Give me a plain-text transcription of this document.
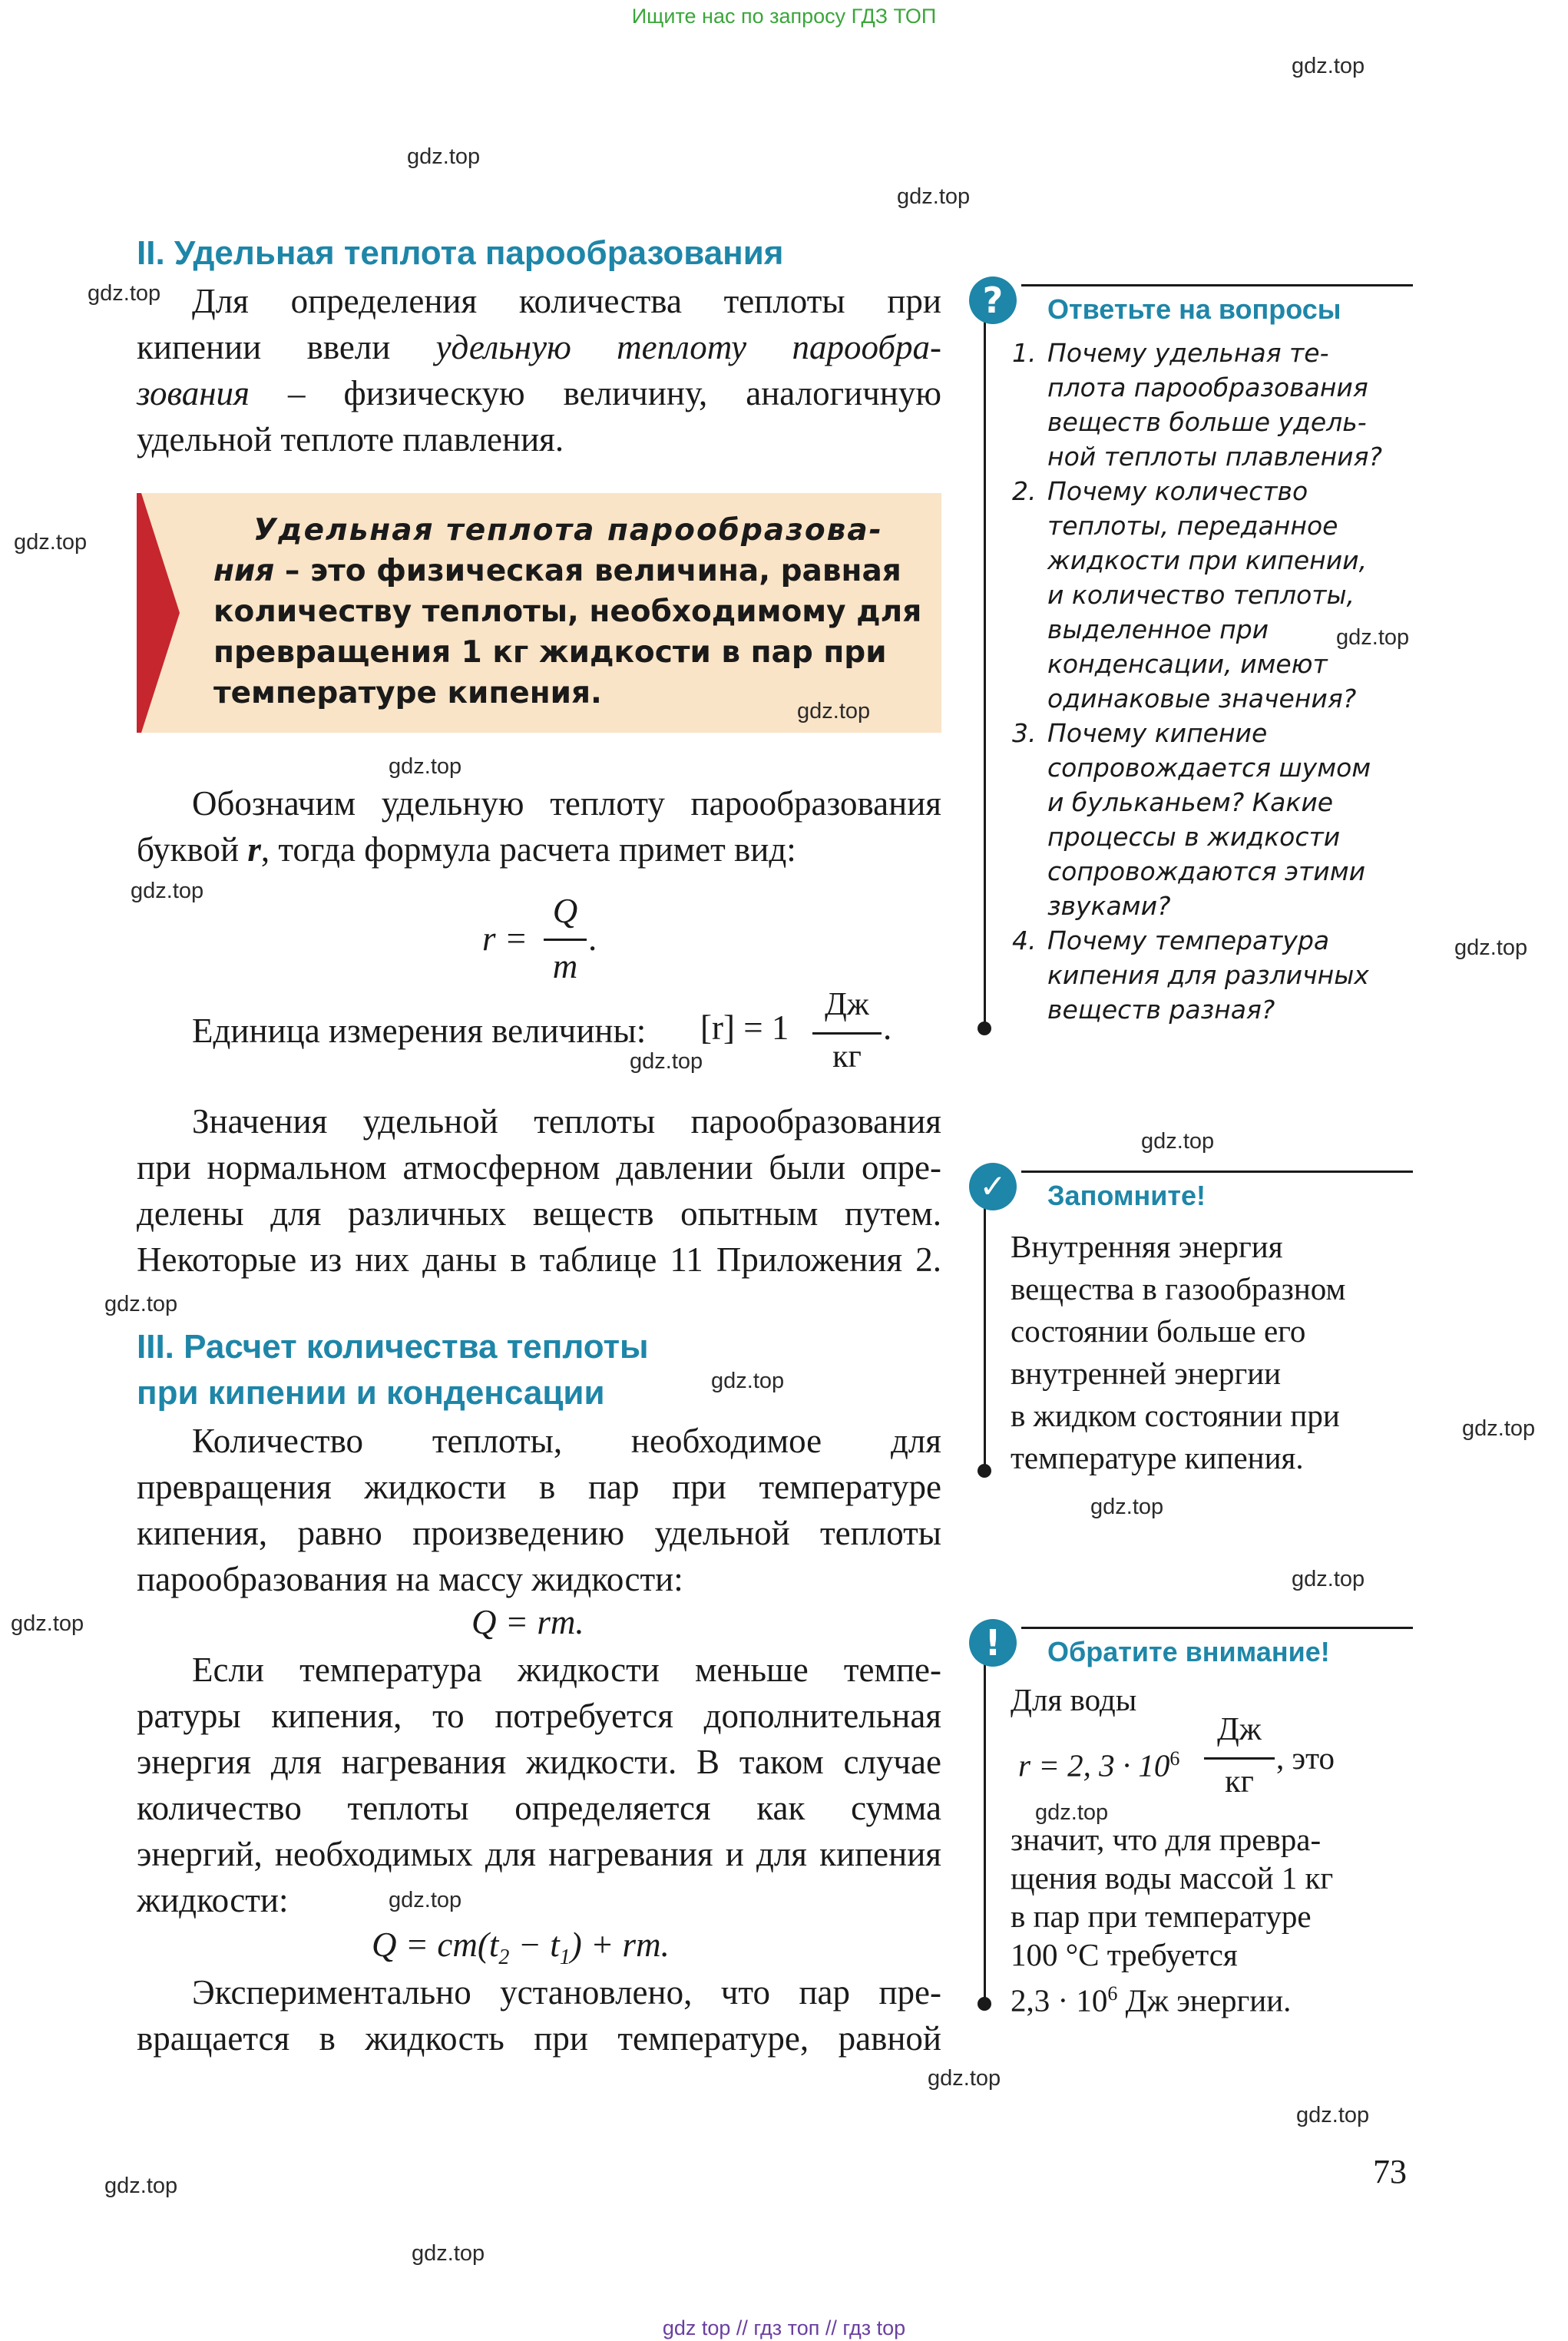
Ищите нас по запросу ГДЗ ТОП
II. Удельная теплота парообразования
Для определения количества теплоты при
кипении ввели удельную теплоту парообра-
зования – физическую величину, аналогичную
удельной теплоте плавления.
Удельная теплота парообразова-
ния – это физическая величина, равная
количеству теплоты, необходимому для
превращения 1 кг жидкости в пар при
температуре кипения.
Обозначим удельную теплоту парообразования
буквой r, тогда формула расчета примет вид:
r =
Q
m
.
Единица измерения величины: [r] = 1
Дж
кг
.
Значения удельной теплоты парообразования
при нормальном атмосферном давлении были опре-
делены для различных веществ опытным путем.
Некоторые из них даны в таблице 11 Приложения 2.
III. Расчет количества теплоты
при кипении и конденсации
Количество теплоты, необходимое для
превращения жидкости в пар при температуре
кипения, равно произведению удельной теплоты
парообразования на массу жидкости:
Q = rm.
Если температура жидкости меньше темпе-
ратуры кипения, то потребуется дополнительная
энергия для нагревания жидкости. В таком случае
количество теплоты определяется как сумма
энергий, необходимых для нагревания и для кипения
жидкости:
$Q = cm(t_2 - t_1)$ + rm.
Экспериментально установлено, что пар пре-
вращается в жидкость при температуре, равной
?	Ответьте на вопросы
1. Почему удельная те-
плота парообразования
веществ больше удель-
ной теплоты плавления?
2. Почему количество
теплоты, переданное
жидкости при кипении,
и количество теплоты,
выделенное при
конденсации, имеют
одинаковые значения?
3. Почему кипение
сопровождается шумом
и бульканьем? Какие
процессы в жидкости
сопровождаются этими
звуками?
4. Почему температура
кипения для различных
веществ разная?
✓	Запомните!
Внутренняя энергия
вещества в газообразном
состоянии больше его
внутренней энергии
в жидком состоянии при
температуре кипения.
!	Обратите внимание!
Для воды
r = 2, $3 \cdot 10^6$
Дж
кг
, это
значит, что для превра-
щения воды массой 1 кг
в пар при температуре
100 °C требуется
$2,3 \cdot 10^6$ Дж энергии.
73
gdz.top
gdz.top
gdz.top
gdz.top
gdz.top
gdz.top
gdz.top
gdz.top
gdz.top
gdz.top
gdz.top
gdz.top
gdz.top
gdz.top
gdz.top
gdz.top
gdz.top
gdz.top
gdz.top
gdz.top
gdz.top
gdz.top
gdz.top
gdz.top
gdz top // гдз топ // гдз top
